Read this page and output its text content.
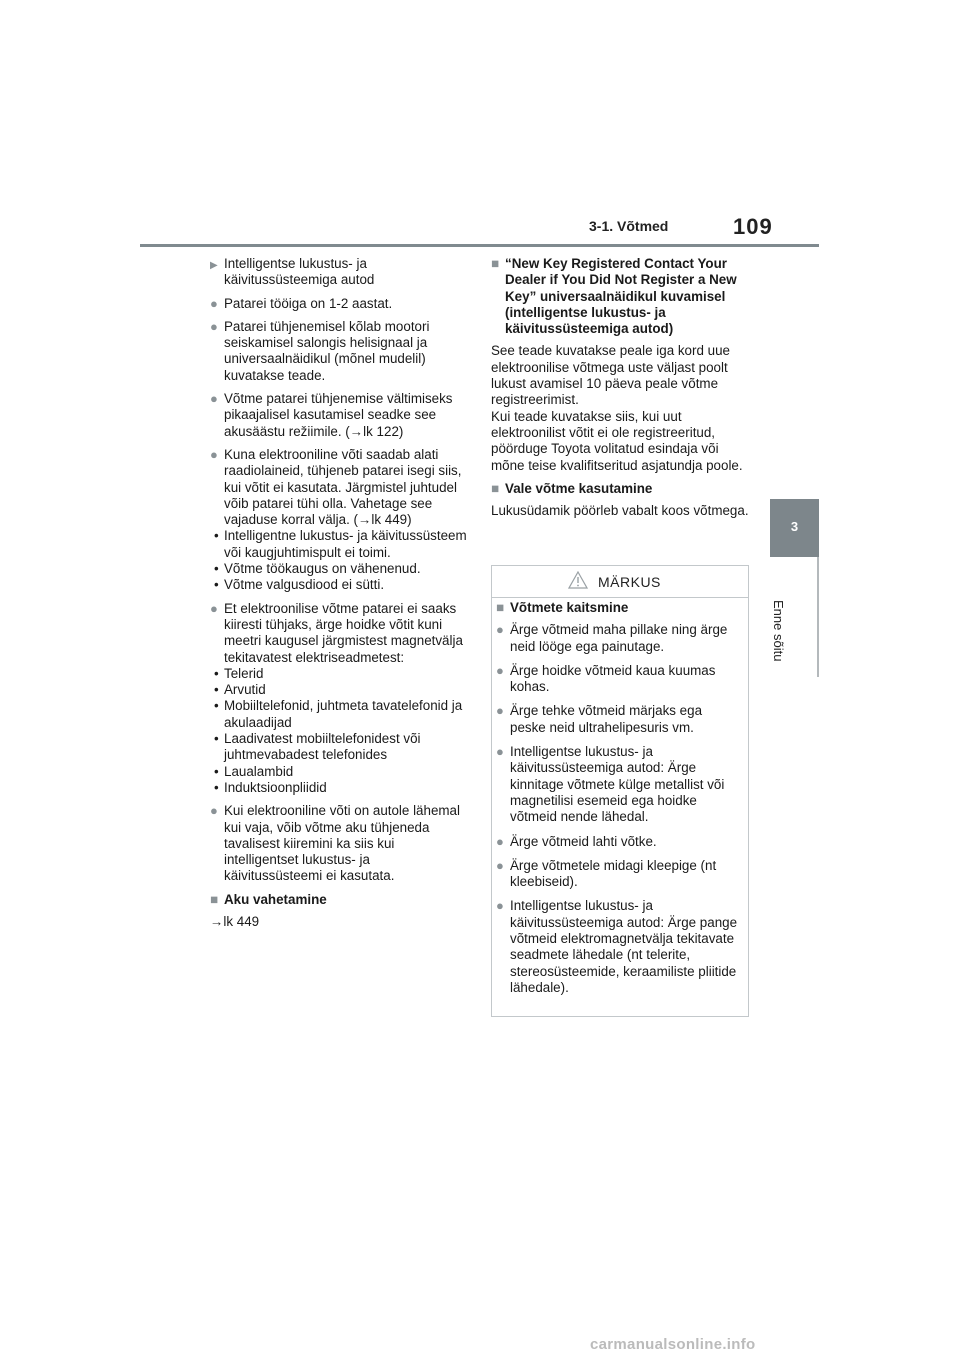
3-1. Võtmed	109
3
Enne sõitu
▶ Intelligentse lukustus- ja käivitussüsteemiga autod
● Patarei tööiga on 1-2 aastat.
● Patarei tühjenemisel kõlab mootori seiskamisel salongis helisignaal ja universaalnäidikul (mõnel mudelil) kuvatakse teade.
● Võtme patarei tühjenemise vältimiseks pikaajalisel kasutamisel seadke see akusäästu režiimile. (→lk 122)
● Kuna elektrooniline võti saadab alati raadiolaineid, tühjeneb patarei isegi siis, kui võtit ei kasutata. Järgmistel juhtudel võib patarei tühi olla. Vahetage see vajaduse korral välja. (→lk 449)
• Intelligentne lukustus- ja käivitussüsteem või kaugjuhtimispult ei toimi.
• Võtme töökaugus on vähenenud.
• Võtme valgusdiood ei sütti.
● Et elektroonilise võtme patarei ei saaks kiiresti tühjaks, ärge hoidke võtit kuni meetri kaugusel järgmistest magnetvälja tekitavatest elektriseadmetest:
• Telerid
• Arvutid
• Mobiiltelefonid, juhtmeta tavatelefonid ja akulaadijad
• Laadivatest mobiiltelefonidest või juhtmevabadest telefonides
• Laualambid
• Induktsioonpliidid
● Kui elektrooniline võti on autole lähemal kui vaja, võib võtme aku tühjeneda tavalisest kiiremini ka siis kui intelligentset lukustus- ja käivitussüsteemi ei kasutata.
■ Aku vahetamine
→lk 449
■ “New Key Registered Contact Your Dealer if You Did Not Register a New Key” universaalnäidikul kuvamisel (intelligentse lukustus- ja käivitussüsteemiga autod)
See teade kuvatakse peale iga kord uue elektroonilise võtmega uste väljast poolt lukust avamisel 10 päeva peale võtme registreerimist.
Kui teade kuvatakse siis, kui uut elektroonilist võtit ei ole registreeritud, pöörduge Toyota volitatud esindaja või mõne teise kvalifitseritud asjatundja poole.
■ Vale võtme kasutamine
Lukusüdamik pöörleb vabalt koos võtmega.
MÄRKUS
■ Võtmete kaitsmine
● Ärge võtmeid maha pillake ning ärge neid lööge ega painutage.
● Ärge hoidke võtmeid kaua kuumas kohas.
● Ärge tehke võtmeid märjaks ega peske neid ultrahelipesuris vm.
● Intelligentse lukustus- ja käivitussüsteemiga autod: Ärge kinnitage võtmete külge metallist või magnetilisi esemeid ega hoidke võtmeid nende lähedal.
● Ärge võtmeid lahti võtke.
● Ärge võtmetele midagi kleepige (nt kleebiseid).
● Intelligentse lukustus- ja käivitussüsteemiga autod: Ärge pange võtmeid elektromagnetvälja tekitavate seadmete lähedale (nt telerite, stereosüsteemide, keraamiliste pliitide lähedale).
carmanualsonline.info
